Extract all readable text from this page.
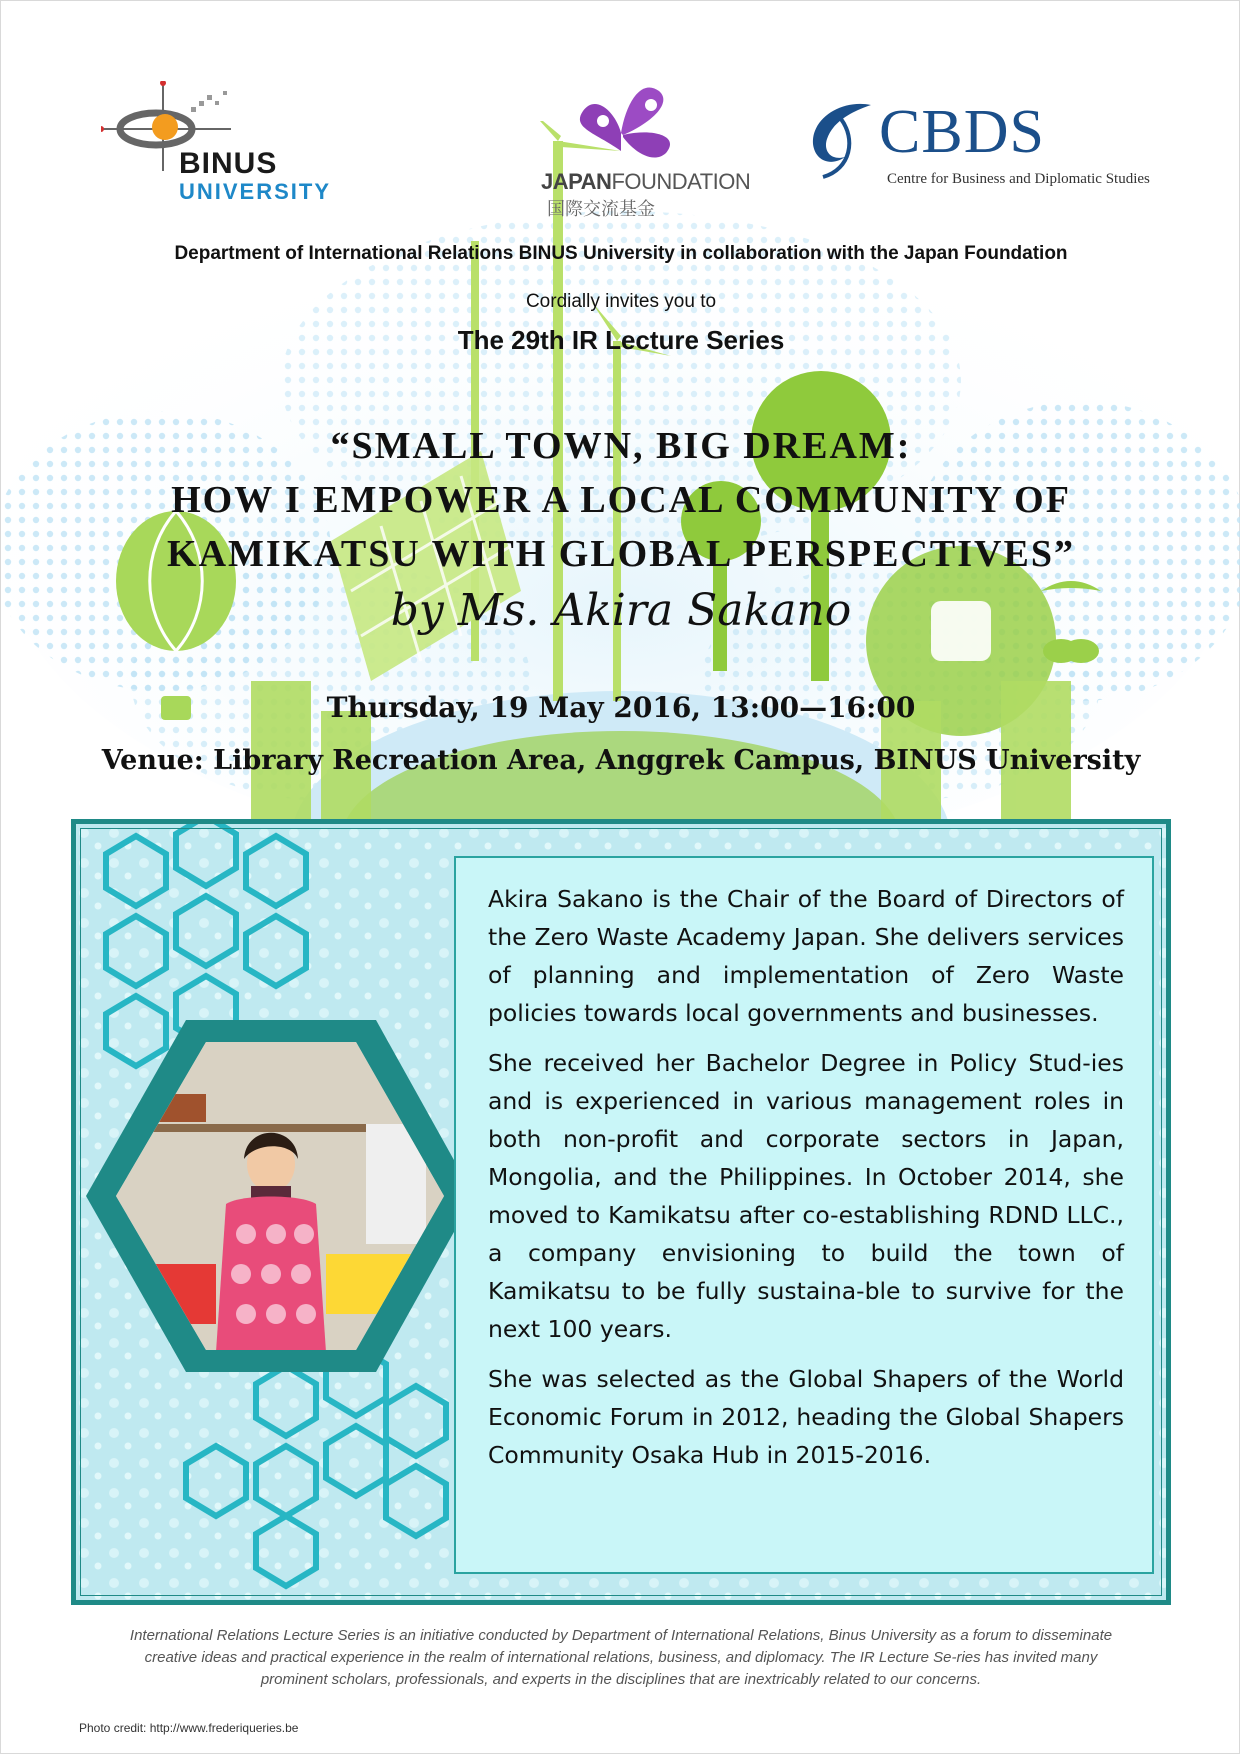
BINUS
UNIVERSITY	JAPANFOUNDATION
国際交流基金
CBDS
Centre for Business and Diplomatic Studies
Department of International Relations BINUS University in collaboration with the Japan Foundation
Cordially invites you to
The 29th IR Lecture Series
“SMALL TOWN, BIG DREAM:
HOW I EMPOWER A LOCAL COMMUNITY OF
KAMIKATSU WITH GLOBAL PERSPECTIVES”
by Ms. Akira Sakano
Thursday, 19 May 2016, 13:00—16:00
Venue: Library Recreation Area, Anggrek Campus, BINUS University

Akira Sakano is the Chair of the Board of Directors of the Zero Waste Academy Japan. She delivers services of planning and implementation of Zero Waste policies towards local governments and businesses.

She received her Bachelor Degree in Policy Stud-ies and is experienced in various management roles in both non-profit and corporate sectors in Japan, Mongolia, and the Philippines. In October 2014, she moved to Kamikatsu after co-establishing RDND LLC., a company envisioning to build the town of Kamikatsu to be fully sustaina-ble to survive for the next 100 years.

She was selected as the Global Shapers of the World Economic Forum in 2012, heading the Global Shapers Community Osaka Hub in 2015-2016.

International Relations Lecture Series is an initiative conducted by Department of International Relations, Binus University as a forum to disseminate creative ideas and practical experience in the realm of international relations, business, and diplomacy. The IR Lecture Se-ries has invited many prominent scholars, professionals, and experts in the disciplines that are inextricably related to our concerns.
Photo credit: http://www.frederiqueries.be
